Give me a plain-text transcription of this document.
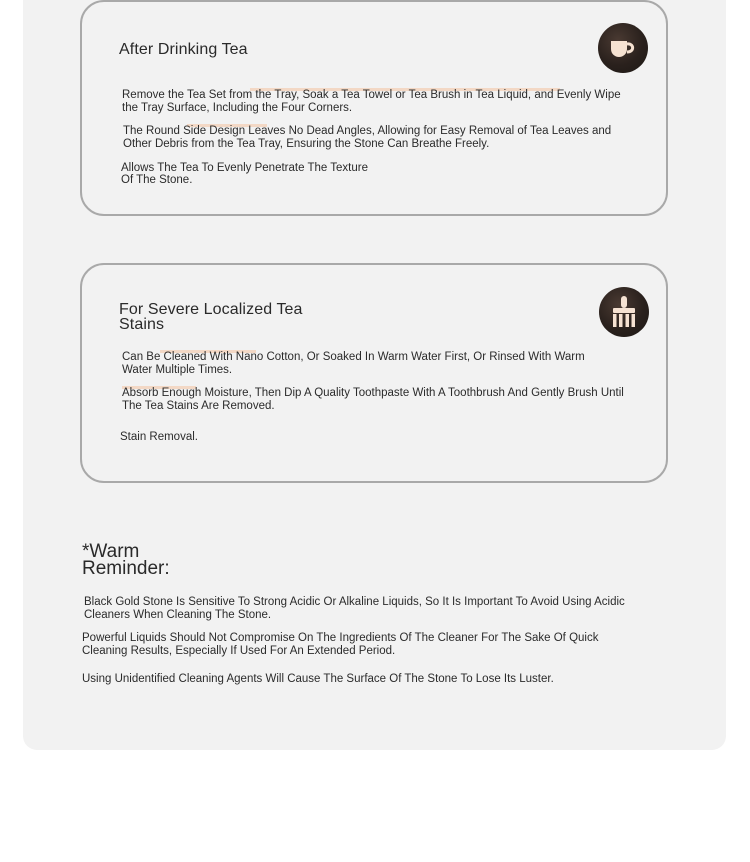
After Drinking Tea
Remove the Tea Set from the Tray, Soak a Tea Towel or Tea Brush in Tea Liquid, and Evenly Wipe the Tray Surface, Including the Four Corners.
The Round Side Design Leaves No Dead Angles, Allowing for Easy Removal of Tea Leaves and Other Debris from the Tea Tray, Ensuring the Stone Can Breathe Freely.
Allows The Tea To Evenly Penetrate The Texture
Of The Stone.
For Severe Localized Tea
Stains
Can Be Cleaned With Nano Cotton, Or Soaked In Warm Water First, Or Rinsed With Warm Water Multiple Times.
Absorb Enough Moisture, Then Dip A Quality Toothpaste With A Toothbrush And Gently Brush Until The Tea Stains Are Removed.
Stain Removal.
*Warm
Reminder:
Black Gold Stone Is Sensitive To Strong Acidic Or Alkaline Liquids, So It Is Important To Avoid Using Acidic Cleaners When Cleaning The Stone.
Powerful Liquids Should Not Compromise On The Ingredients Of The Cleaner For The Sake Of Quick Cleaning Results, Especially If Used For An Extended Period.
Using Unidentified Cleaning Agents Will Cause The Surface Of The Stone To Lose Its Luster.
